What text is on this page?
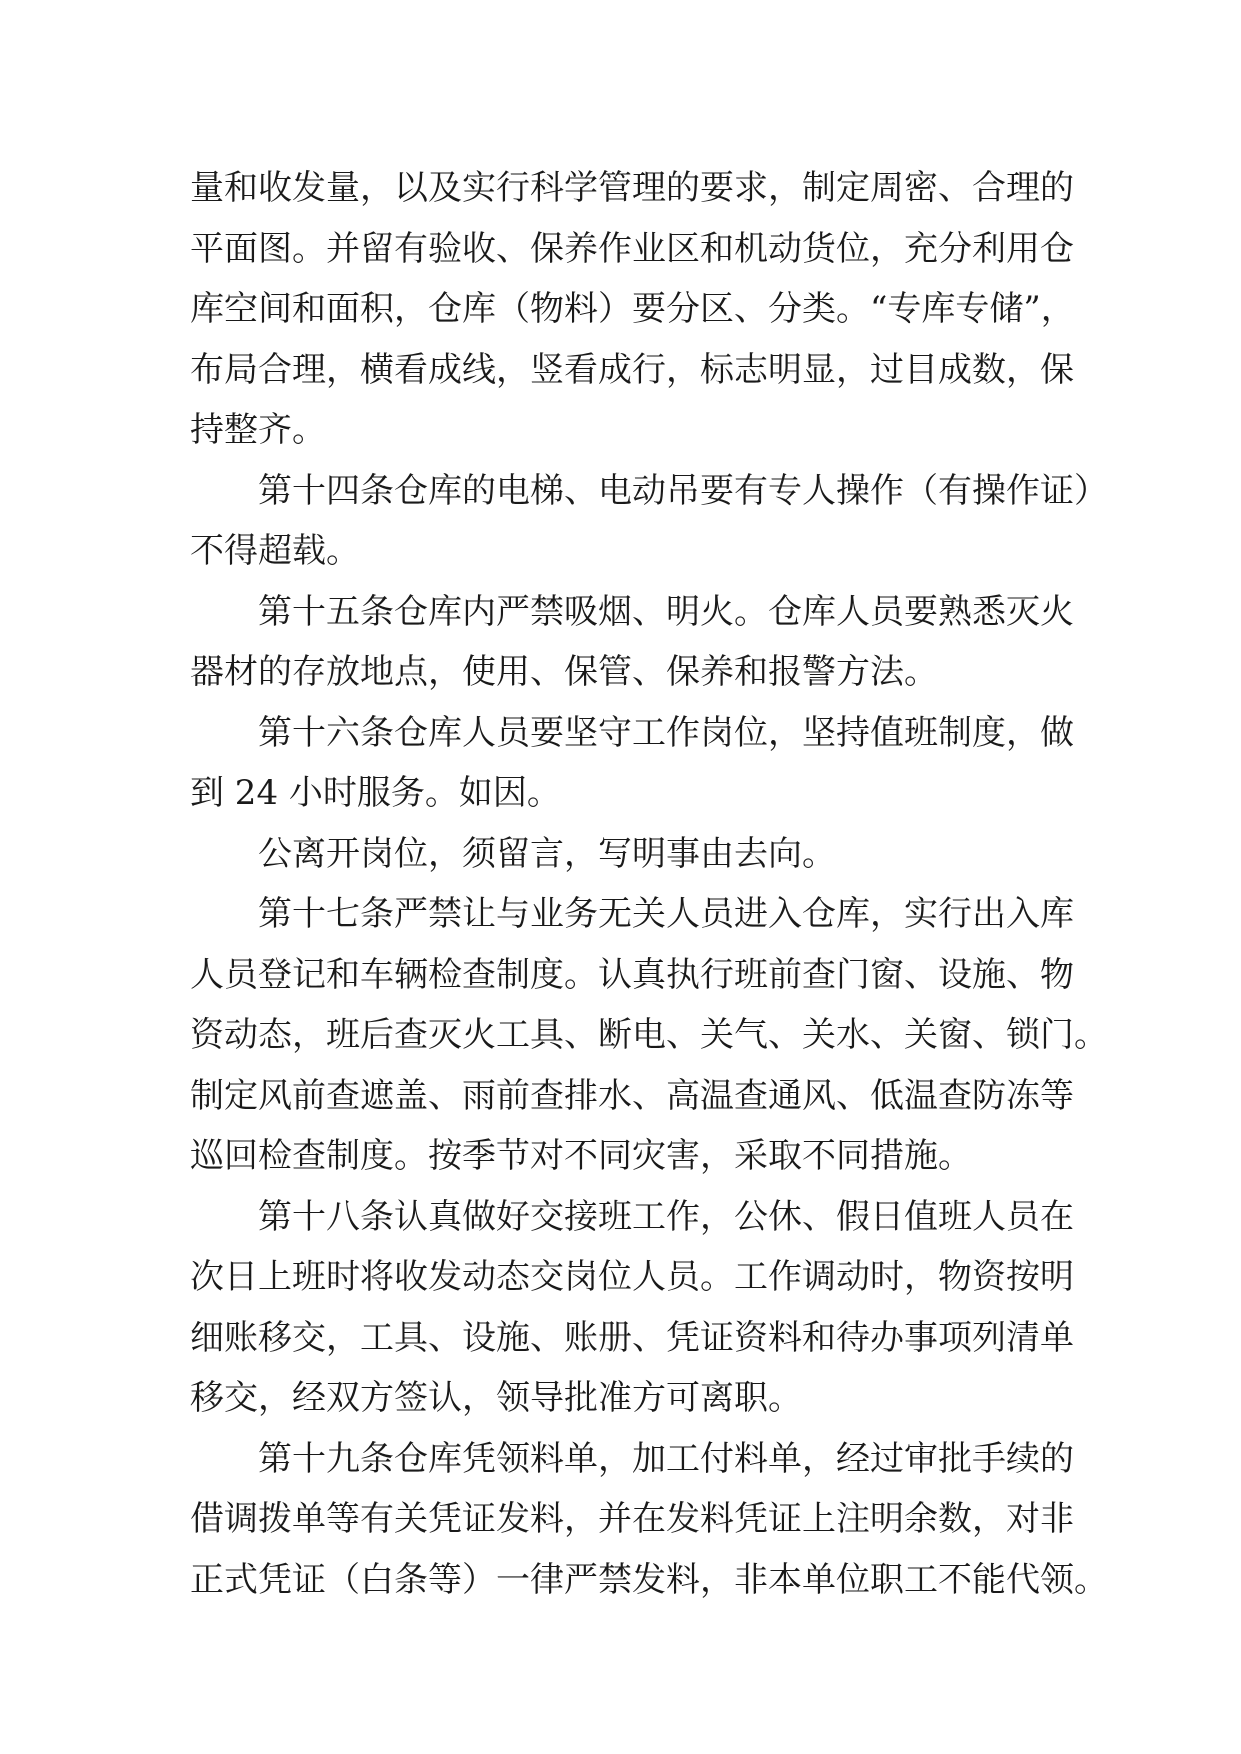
量和收发量，以及实行科学管理的要求，制定周密、合理的
平面图。并留有验收、保养作业区和机动货位，充分利用仓
库空间和面积，仓库（物料）要分区、分类。“专库专储”，
布局合理，横看成线，竖看成行，标志明显，过目成数，保
持整齐。
第十四条仓库的电梯、电动吊要有专人操作（有操作证）
不得超载。
第十五条仓库内严禁吸烟、明火。仓库人员要熟悉灭火
器材的存放地点，使用、保管、保养和报警方法。
第十六条仓库人员要坚守工作岗位，坚持值班制度，做
到 24 小时服务。如因。
公离开岗位，须留言，写明事由去向。
第十七条严禁让与业务无关人员进入仓库，实行出入库
人员登记和车辆检查制度。认真执行班前查门窗、设施、物
资动态，班后查灭火工具、断电、关气、关水、关窗、锁门。
制定风前查遮盖、雨前查排水、高温查通风、低温查防冻等
巡回检查制度。按季节对不同灾害，采取不同措施。
第十八条认真做好交接班工作，公休、假日值班人员在
次日上班时将收发动态交岗位人员。工作调动时，物资按明
细账移交，工具、设施、账册、凭证资料和待办事项列清单
移交，经双方签认，领导批准方可离职。
第十九条仓库凭领料单，加工付料单，经过审批手续的
借调拨单等有关凭证发料，并在发料凭证上注明余数，对非
正式凭证（白条等）一律严禁发料，非本单位职工不能代领。
